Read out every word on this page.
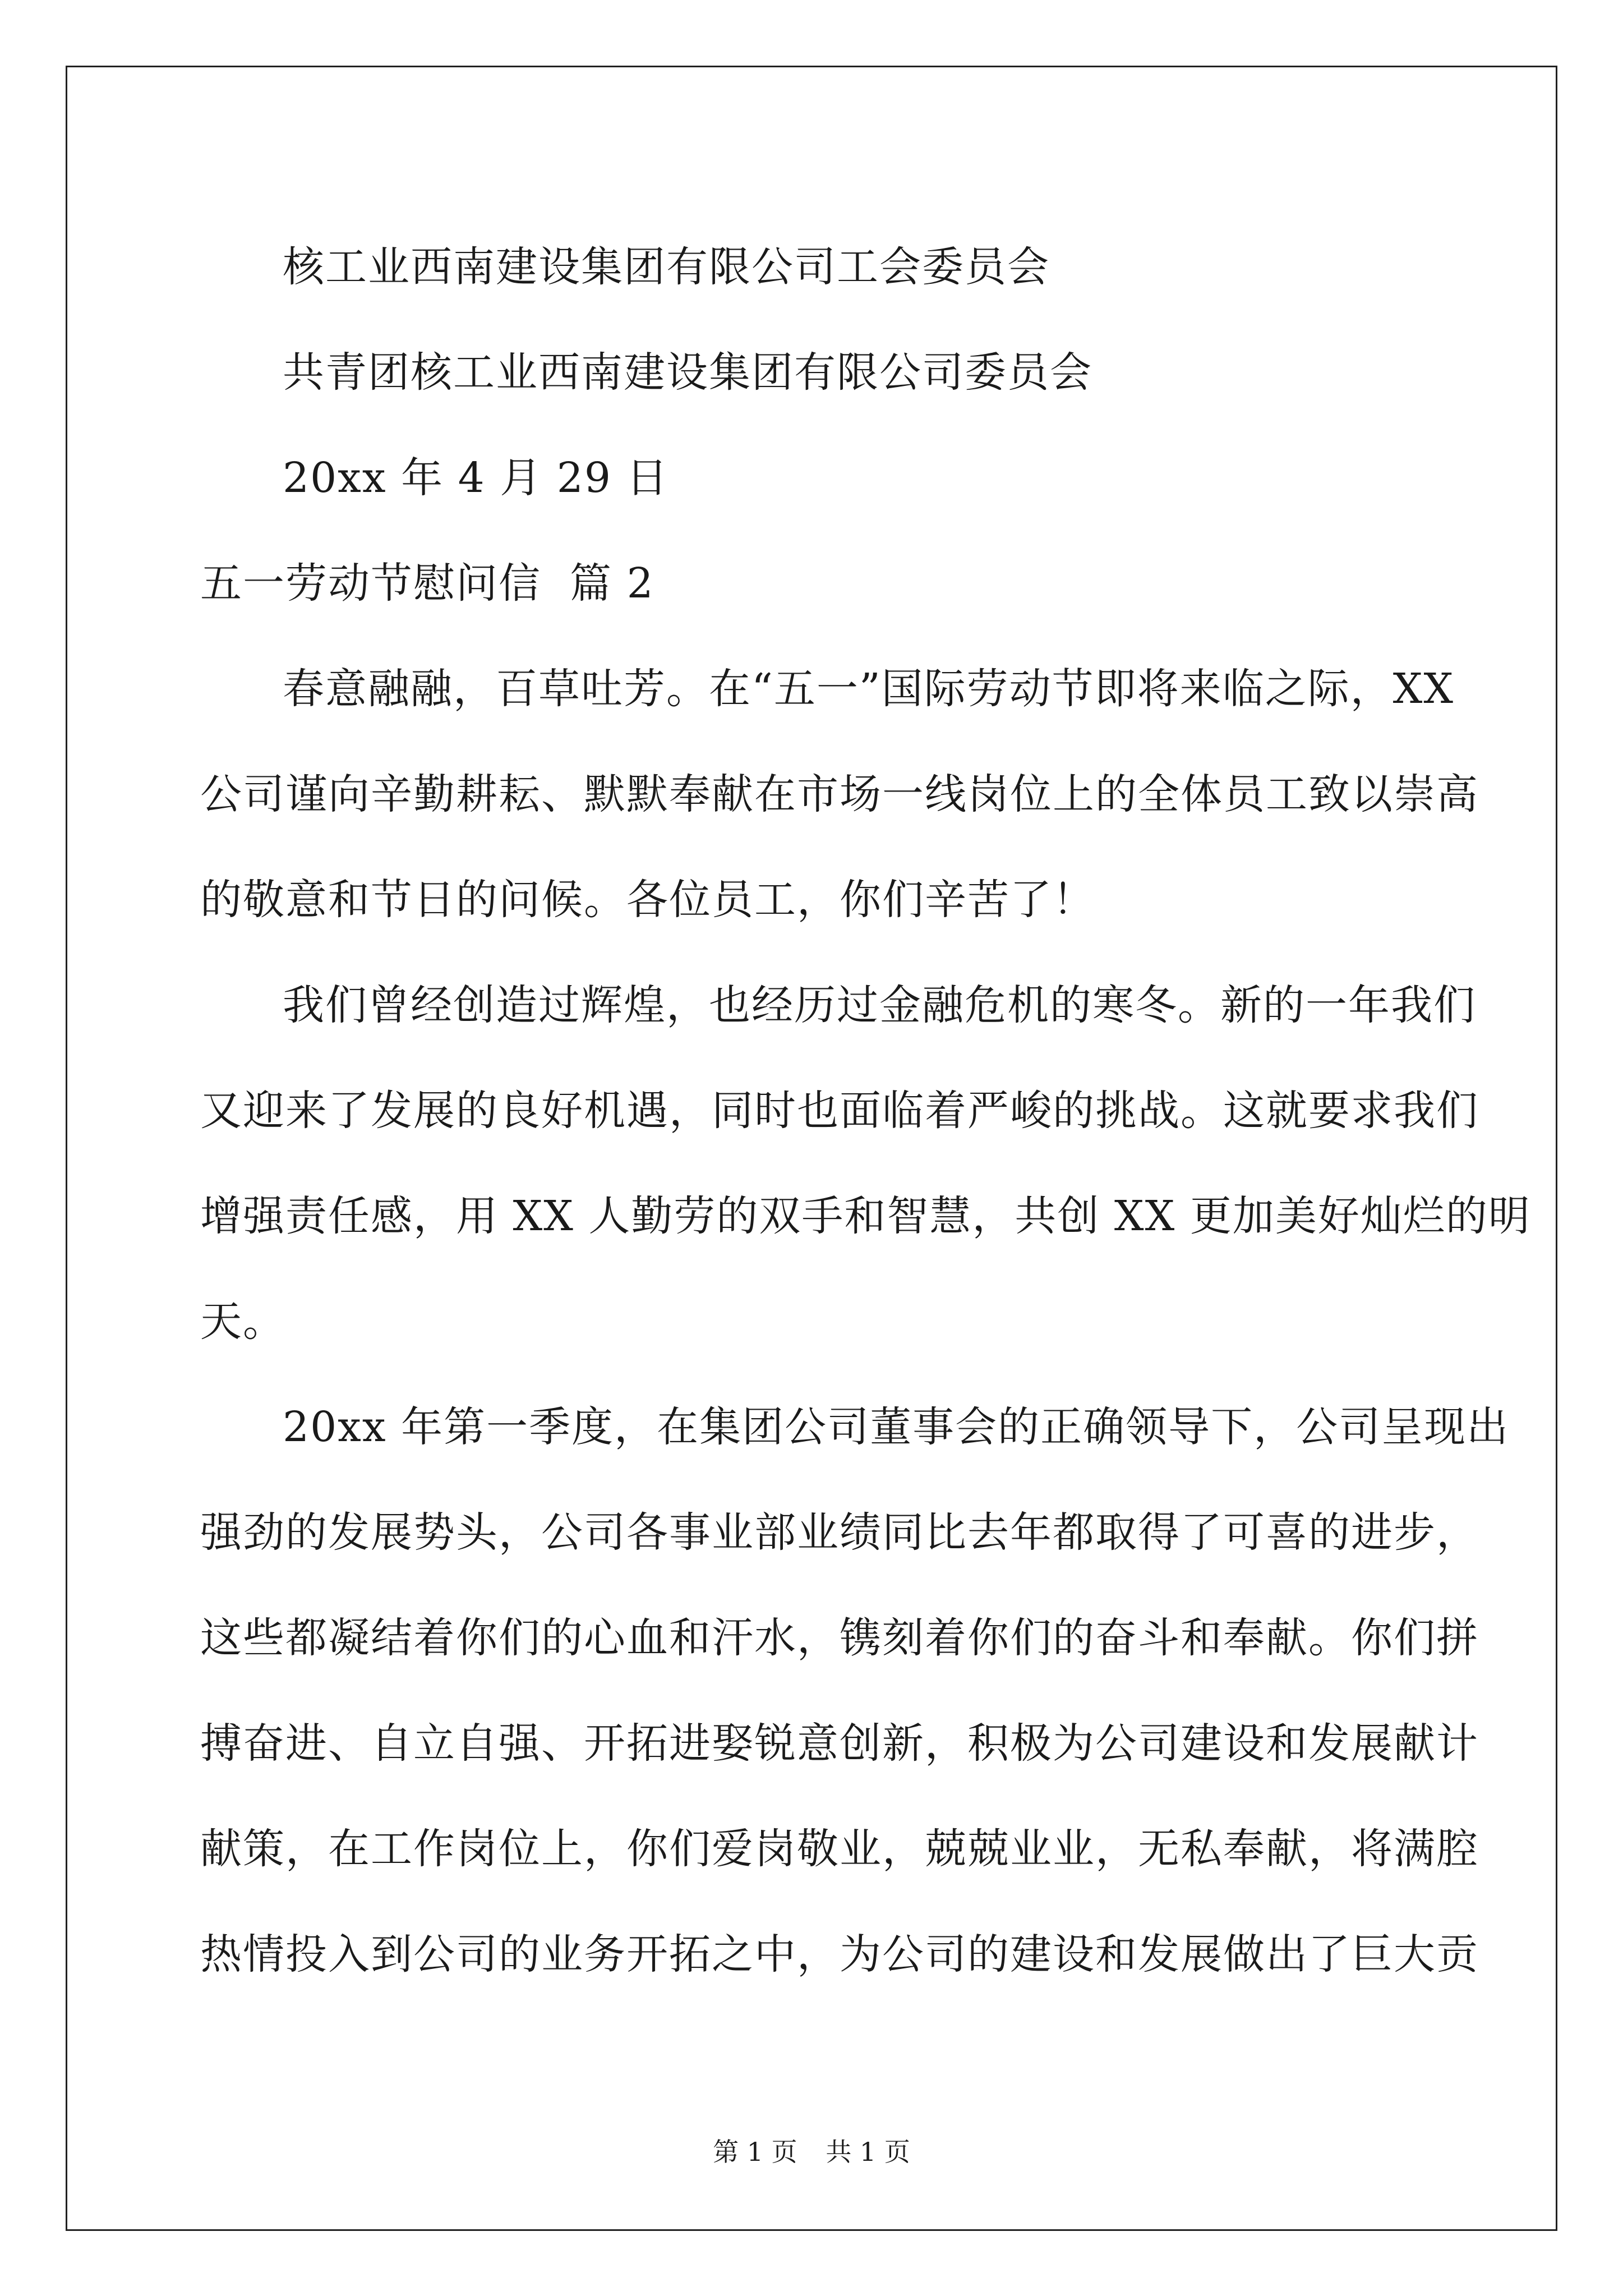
核工业西南建设集团有限公司工会委员会
共青团核工业西南建设集团有限公司委员会
20xx 年 4 月 29 日
五一劳动节慰问信  篇 2
春意融融，百草吐芳。在“五一”国际劳动节即将来临之际，XX
公司谨向辛勤耕耘、默默奉献在市场一线岗位上的全体员工致以崇高
的敬意和节日的问候。各位员工，你们辛苦了！
我们曾经创造过辉煌，也经历过金融危机的寒冬。新的一年我们
又迎来了发展的良好机遇，同时也面临着严峻的挑战。这就要求我们
增强责任感，用 XX 人勤劳的双手和智慧，共创 XX 更加美好灿烂的明
天。
20xx 年第一季度，在集团公司董事会的正确领导下，公司呈现出
强劲的发展势头，公司各事业部业绩同比去年都取得了可喜的进步，
这些都凝结着你们的心血和汗水，镌刻着你们的奋斗和奉献。你们拼
搏奋进、自立自强、开拓进娶锐意创新，积极为公司建设和发展献计
献策，在工作岗位上，你们爱岗敬业，兢兢业业，无私奉献，将满腔
热情投入到公司的业务开拓之中，为公司的建设和发展做出了巨大贡
第 1 页 共 1 页
